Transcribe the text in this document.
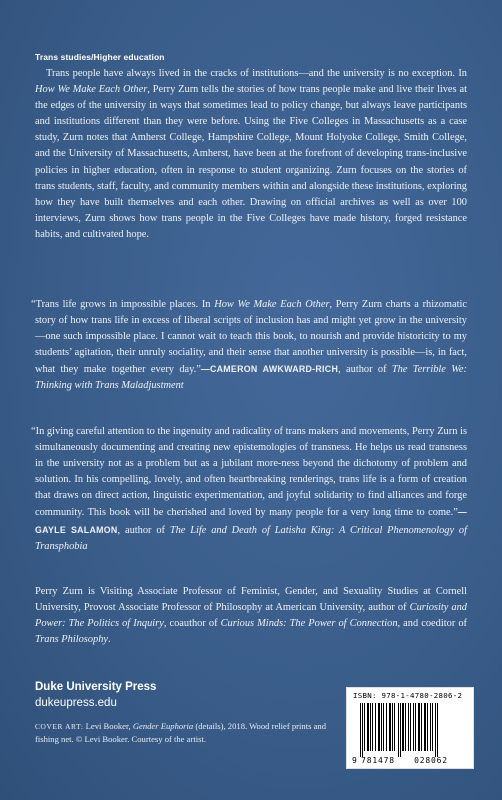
Trans studies/Higher education

Trans people have always lived in the cracks of institutions—and the university is no exception. In How We Make Each Other, Perry Zurn tells the stories of how trans people make and live their lives at the edges of the university in ways that sometimes lead to policy change, but always leave participants and institutions different than they were before. Using the Five Colleges in Massachusetts as a case study, Zurn notes that Amherst College, Hampshire College, Mount Holyoke College, Smith College, and the University of Massachusetts, Amherst, have been at the forefront of developing trans-inclusive policies in higher education, often in response to student organizing. Zurn focuses on the stories of trans students, staff, faculty, and community members within and alongside these institutions, exploring how they have built themselves and each other. Drawing on official archives as well as over 100 interviews, Zurn shows how trans people in the Five Colleges have made history, forged resistance habits, and cultivated hope.

“Trans life grows in impossible places. In How We Make Each Other, Perry Zurn charts a rhizomatic story of how trans life in excess of liberal scripts of inclusion has and might yet grow in the university—one such impossible place. I cannot wait to teach this book, to nourish and provide historicity to my students’ agitation, their unruly sociality, and their sense that another university is possible—is, in fact, what they make together every day.”—CAMERON AWKWARD-RICH, author of The Terrible We: Thinking with Trans Maladjustment

“In giving careful attention to the ingenuity and radicality of trans makers and movements, Perry Zurn is simultaneously documenting and creating new epistemologies of transness. He helps us read transness in the university not as a problem but as a jubilant more-ness beyond the dichotomy of problem and solution. In his compelling, lovely, and often heartbreaking renderings, trans life is a form of creation that draws on direct action, linguistic experimentation, and joyful solidarity to find alliances and forge community. This book will be cherished and loved by many people for a very long time to come.”—GAYLE SALAMON, author of The Life and Death of Latisha King: A Critical Phenomenology of Transphobia

Perry Zurn is Visiting Associate Professor of Feminist, Gender, and Sexuality Studies at Cornell University, Provost Associate Professor of Philosophy at American University, author of Curiosity and Power: The Politics of Inquiry, coauthor of Curious Minds: The Power of Connection, and coeditor of Trans Philosophy.

Duke University Press
dukeupress.edu
COVER ART: Levi Booker, Gender Euphoria (details), 2018. Wood relief prints and fishing net. © Levi Booker. Courtesy of the artist.
ISBN: 978-1-4780-2806-2
9 781478 028062
